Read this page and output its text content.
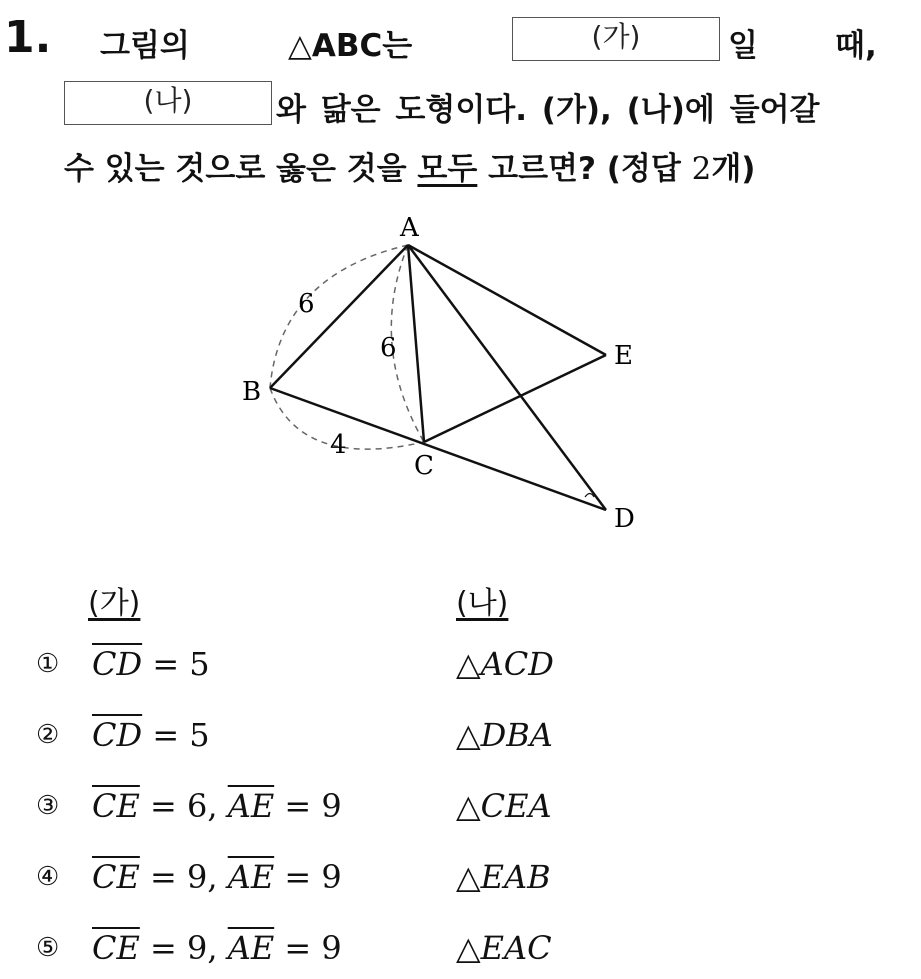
1. 그림의	△ABC는	(가)	일 때,
(나)	와 닮은 도형이다. (가), (나)에 들어갈
수 있는 것으로 옳은 것을 모두 고르면? (정답 2개)
A
B
C
D
E
6
6
4
(가)	(나)
① $\overline{CD} = 5$	△ACD
② $\overline{CD} = 5$	△DBA
③ $\overline{CE} = 6$, $\overline{AE} = 9$	△CEA
④ $\overline{CE} = 9$, $\overline{AE} = 9$	△EAB
⑤ $\overline{CE} = 9$, $\overline{AE} = 9$	△EAC
